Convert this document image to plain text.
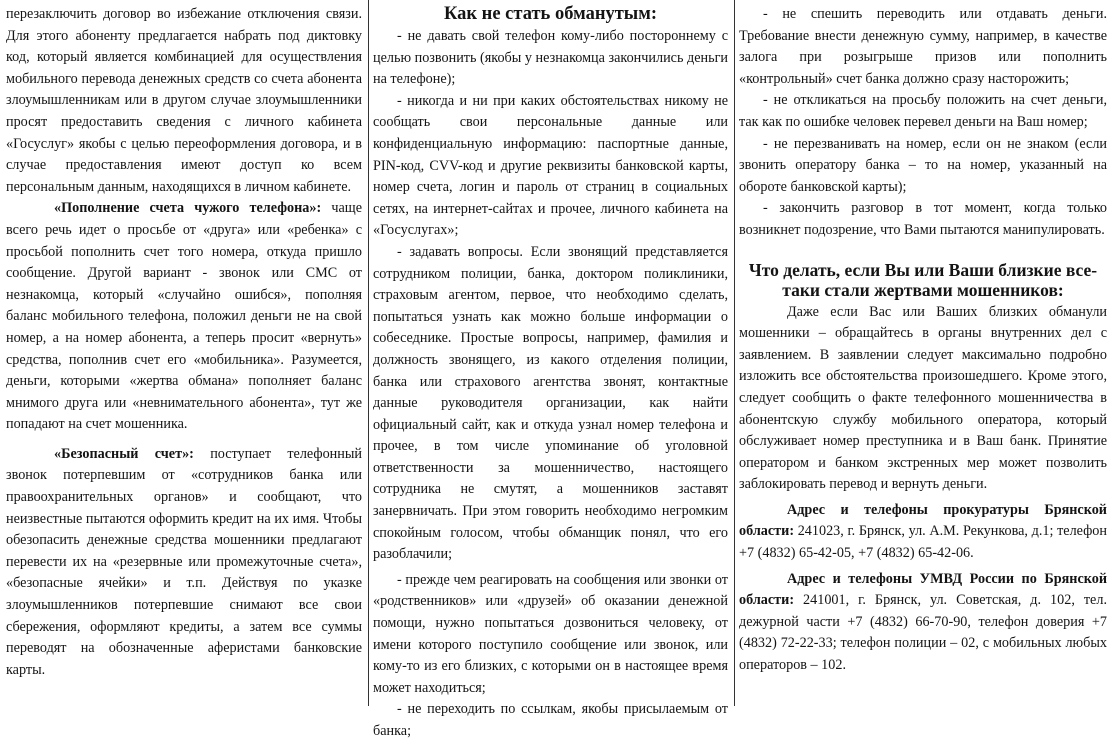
перезаключить договор во избежание отключения связи. Для этого абоненту предлагается набрать под диктовку код, который является комбинацией для осуществления мобильного перевода денежных средств со счета абонента злоумышленникам или в другом случае злоумышленники просят предоставить сведения с личного кабинета «Госуслуг» якобы с целью переоформления договора, и в случае предоставления имеют доступ ко всем персональным данным, находящихся в личном кабинете.

«Пополнение счета чужого телефона»: чаще всего речь идет о просьбе от «друга» или «ребенка» с просьбой пополнить счет того номера, откуда пришло сообщение. Другой вариант - звонок или СМС от незнакомца, который «случайно ошибся», пополняя баланс мобильного телефона, положил деньги не на свой номер, а на номер абонента, а теперь просит «вернуть» средства, пополнив счет его «мобильника». Разумеется, деньги, которыми «жертва обмана» пополняет баланс мнимого друга или «невнимательного абонента», тут же попадают на счет мошенника.

«Безопасный счет»: поступает телефонный звонок потерпевшим от «сотрудников банка или правоохранительных органов» и сообщают, что неизвестные пытаются оформить кредит на их имя. Чтобы обезопасить денежные средства мошенники предлагают перевести их на «резервные или промежуточные счета», «безопасные ячейки» и т.п. Действуя по указке злоумышленников потерпевшие снимают все свои сбережения, оформляют кредиты, а затем все суммы переводят на обозначенные аферистами банковские карты.

Как не стать обманутым:

- не давать свой телефон кому-либо постороннему с целью позвонить (якобы у незнакомца закончились деньги на телефоне);

- никогда и ни при каких обстоятельствах никому не сообщать свои персональные данные или конфиденциальную информацию: паспортные данные, PIN-код, CVV-код и другие реквизиты банковской карты, номер счета, логин и пароль от страниц в социальных сетях, на интернет-сайтах и прочее, личного кабинета на «Госуслугах»;

- задавать вопросы. Если звонящий представляется сотрудником полиции, банка, доктором поликлиники, страховым агентом, первое, что необходимо сделать, попытаться узнать как можно больше информации о собеседнике. Простые вопросы, например, фамилия и должность звонящего, из какого отделения полиции, банка или страхового агентства звонят, контактные данные руководителя организации, как найти официальный сайт, как и откуда узнал номер телефона и прочее, в том числе упоминание об уголовной ответственности за мошенничество, настоящего сотрудника не смутят, а мошенников заставят занервничать. При этом говорить необходимо негромким спокойным голосом, чтобы обманщик понял, что его разоблачили;

- прежде чем реагировать на сообщения или звонки от «родственников» или «друзей» об оказании денежной помощи, нужно попытаться дозвониться человеку, от имени которого поступило сообщение или звонок, или кому-то из его близких, с которыми он в настоящее время может находиться;

- не переходить по ссылкам, якобы присылаемым от банка;

- не спешить переводить или отдавать деньги. Требование внести денежную сумму, например, в качестве залога при розыгрыше призов или пополнить «контрольный» счет банка должно сразу насторожить;

- не откликаться на просьбу положить на счет деньги, так как по ошибке человек перевел деньги на Ваш номер;

- не перезванивать на номер, если он не знаком (если звонить оператору банка – то на номер, указанный на обороте банковской карты);

- закончить разговор в тот момент, когда только возникнет подозрение, что Вами пытаются манипулировать.

Что делать, если Вы или Ваши близкие все-таки стали жертвами мошенников:

Даже если Вас или Ваших близких обманули мошенники – обращайтесь в органы внутренних дел с заявлением. В заявлении следует максимально подробно изложить все обстоятельства произошедшего. Кроме этого, следует сообщить о факте телефонного мошенничества в абонентскую службу мобильного оператора, который обслуживает номер преступника и в Ваш банк. Принятие оператором и банком экстренных мер может позволить заблокировать перевод и вернуть деньги.

Адрес и телефоны прокуратуры Брянской области: 241023, г. Брянск, ул. А.М. Рекункова, д.1; телефон +7 (4832) 65-42-05, +7 (4832) 65-42-06.

Адрес и телефоны УМВД России по Брянской области: 241001, г. Брянск, ул. Советская, д. 102, тел. дежурной части +7 (4832) 66-70-90, телефон доверия +7 (4832) 72-22-33; телефон полиции – 02, с мобильных любых операторов – 102.
